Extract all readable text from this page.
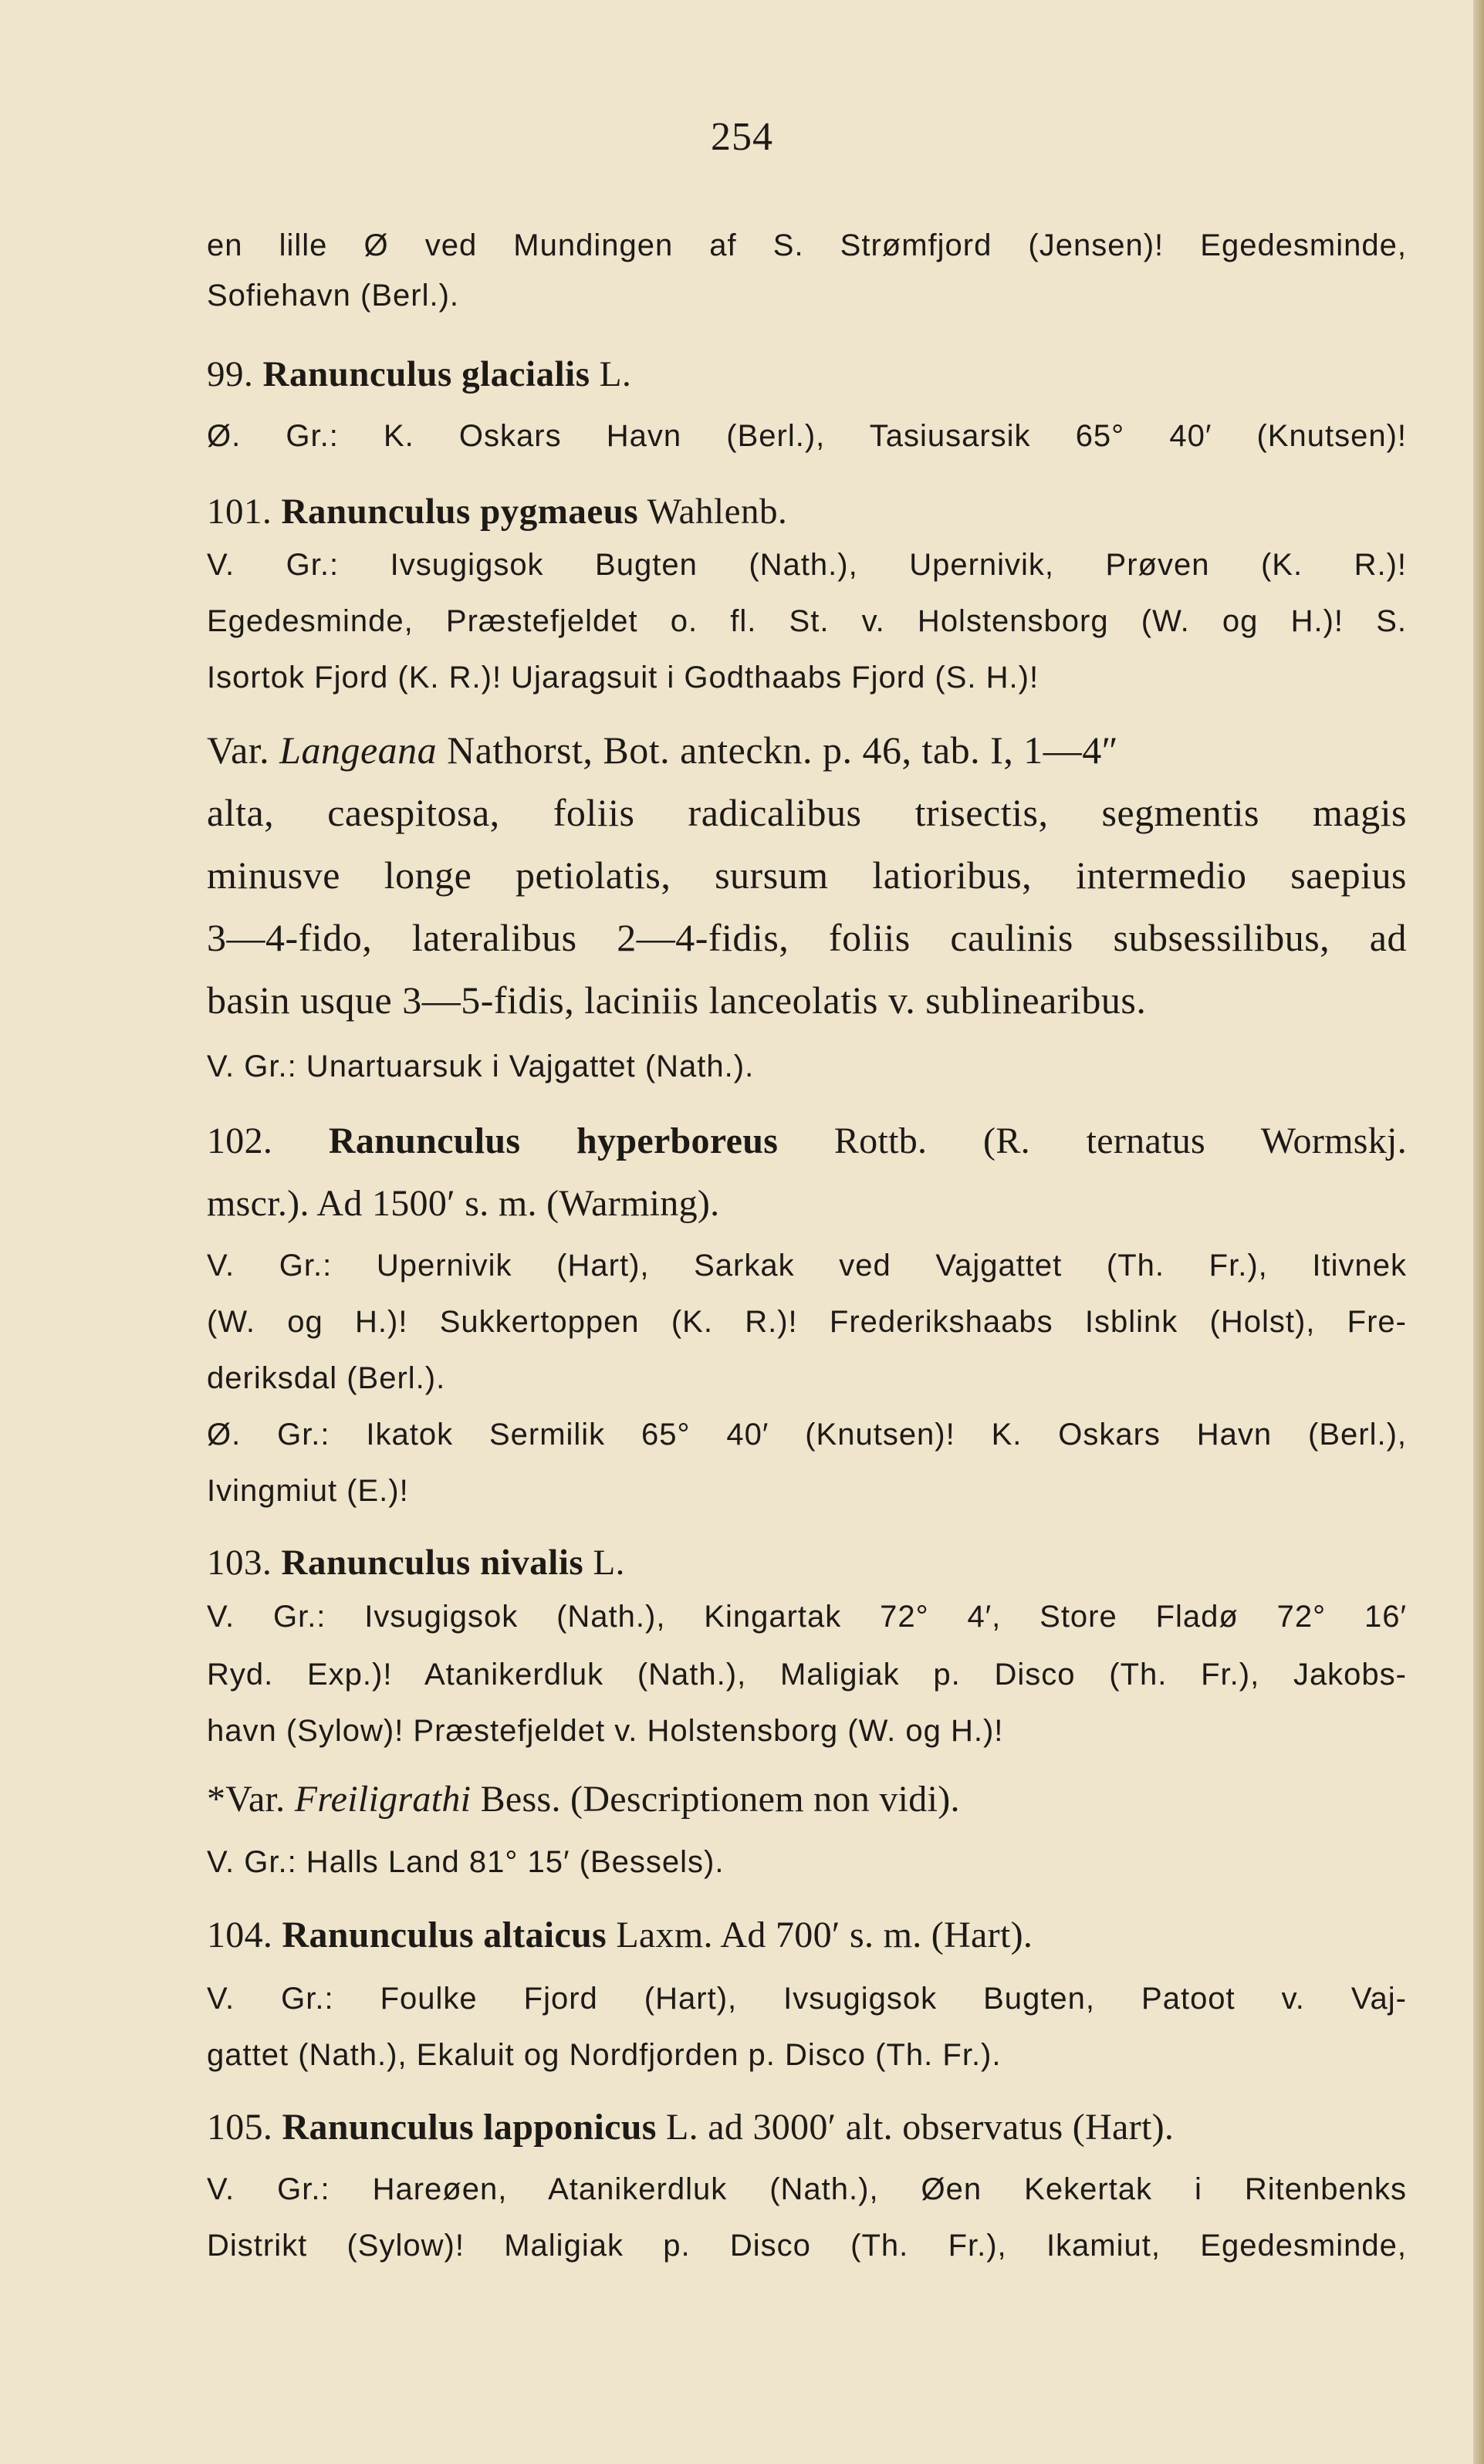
254
en lille Ø ved Mundingen af S. Strømfjord (Jensen)! Egedesminde,
Sofiehavn (Berl.).
99. Ranunculus glacialis L.
Ø. Gr.: K. Oskars Havn (Berl.), Tasiusarsik 65° 40′ (Knutsen)!
101. Ranunculus pygmaeus Wahlenb.
V. Gr.: Ivsugigsok Bugten (Nath.), Upernivik, Prøven (K. R.)!
Egedesminde, Præstefjeldet o. fl. St. v. Holstensborg (W. og H.)! S.
Isortok Fjord (K. R.)! Ujaragsuit i Godthaabs Fjord (S. H.)!
Var. Langeana Nathorst, Bot. anteckn. p. 46, tab. I, 1—4″
alta, caespitosa, foliis radicalibus trisectis, segmentis magis
minusve longe petiolatis, sursum latioribus, intermedio saepius
3—4-fido, lateralibus 2—4-fidis, foliis caulinis subsessilibus, ad
basin usque 3—5-fidis, laciniis lanceolatis v. sublinearibus.
V. Gr.: Unartuarsuk i Vajgattet (Nath.).
102. Ranunculus hyperboreus Rottb. (R. ternatus Wormskj.
mscr.). Ad 1500′ s. m. (Warming).
V. Gr.: Upernivik (Hart), Sarkak ved Vajgattet (Th. Fr.), Itivnek
(W. og H.)! Sukkertoppen (K. R.)! Frederikshaabs Isblink (Holst), Fre-
deriksdal (Berl.).
Ø. Gr.: Ikatok Sermilik 65° 40′ (Knutsen)! K. Oskars Havn (Berl.),
Ivingmiut (E.)!
103. Ranunculus nivalis L.
V. Gr.: Ivsugigsok (Nath.), Kingartak 72° 4′, Store Fladø 72° 16′
Ryd. Exp.)! Atanikerdluk (Nath.), Maligiak p. Disco (Th. Fr.), Jakobs-
havn (Sylow)! Præstefjeldet v. Holstensborg (W. og H.)!
*Var. Freiligrathi Bess. (Descriptionem non vidi).
V. Gr.: Halls Land 81° 15′ (Bessels).
104. Ranunculus altaicus Laxm. Ad 700′ s. m. (Hart).
V. Gr.: Foulke Fjord (Hart), Ivsugigsok Bugten, Patoot v. Vaj-
gattet (Nath.), Ekaluit og Nordfjorden p. Disco (Th. Fr.).
105. Ranunculus lapponicus L. ad 3000′ alt. observatus (Hart).
V. Gr.: Hareøen, Atanikerdluk (Nath.), Øen Kekertak i Ritenbenks
Distrikt (Sylow)! Maligiak p. Disco (Th. Fr.), Ikamiut, Egedesminde,
